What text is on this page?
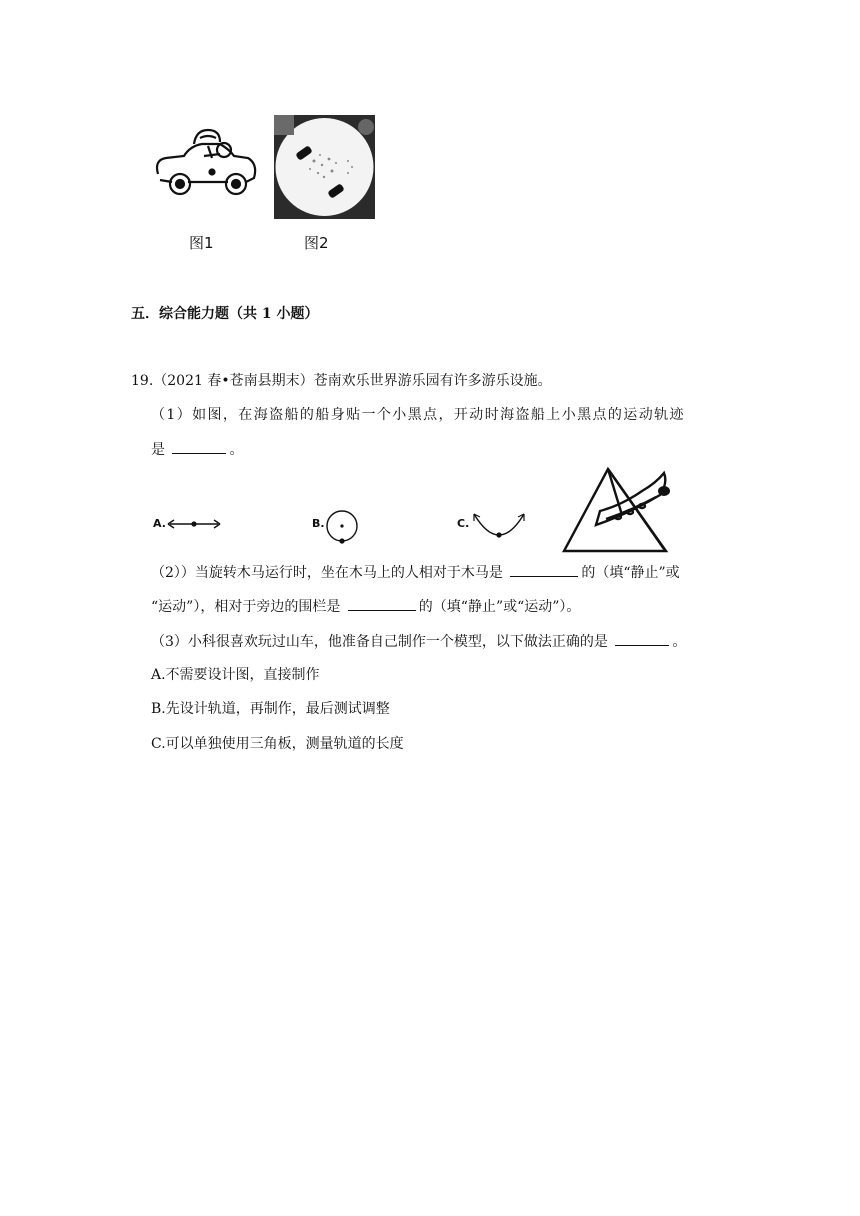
图1	图2
五．综合能力题（共 1 小题）
19.（2021 春•苍南县期末）苍南欢乐世界游乐园有许多游乐设施。
（1）如图，在海盗船的船身贴一个小黑点，开动时海盗船上小黑点的运动轨迹
是	。
A.	B.	C.
（2））当旋转木马运行时，坐在木马上的人相对于木马是	的（填“静止”或
“运动”），相对于旁边的围栏是	的（填“静止”或“运动”）。
（3）小科很喜欢玩过山车，他准备自己制作一个模型，以下做法正确的是	。
A.不需要设计图，直接制作
B.先设计轨道，再制作，最后测试调整
C.可以单独使用三角板，测量轨道的长度
